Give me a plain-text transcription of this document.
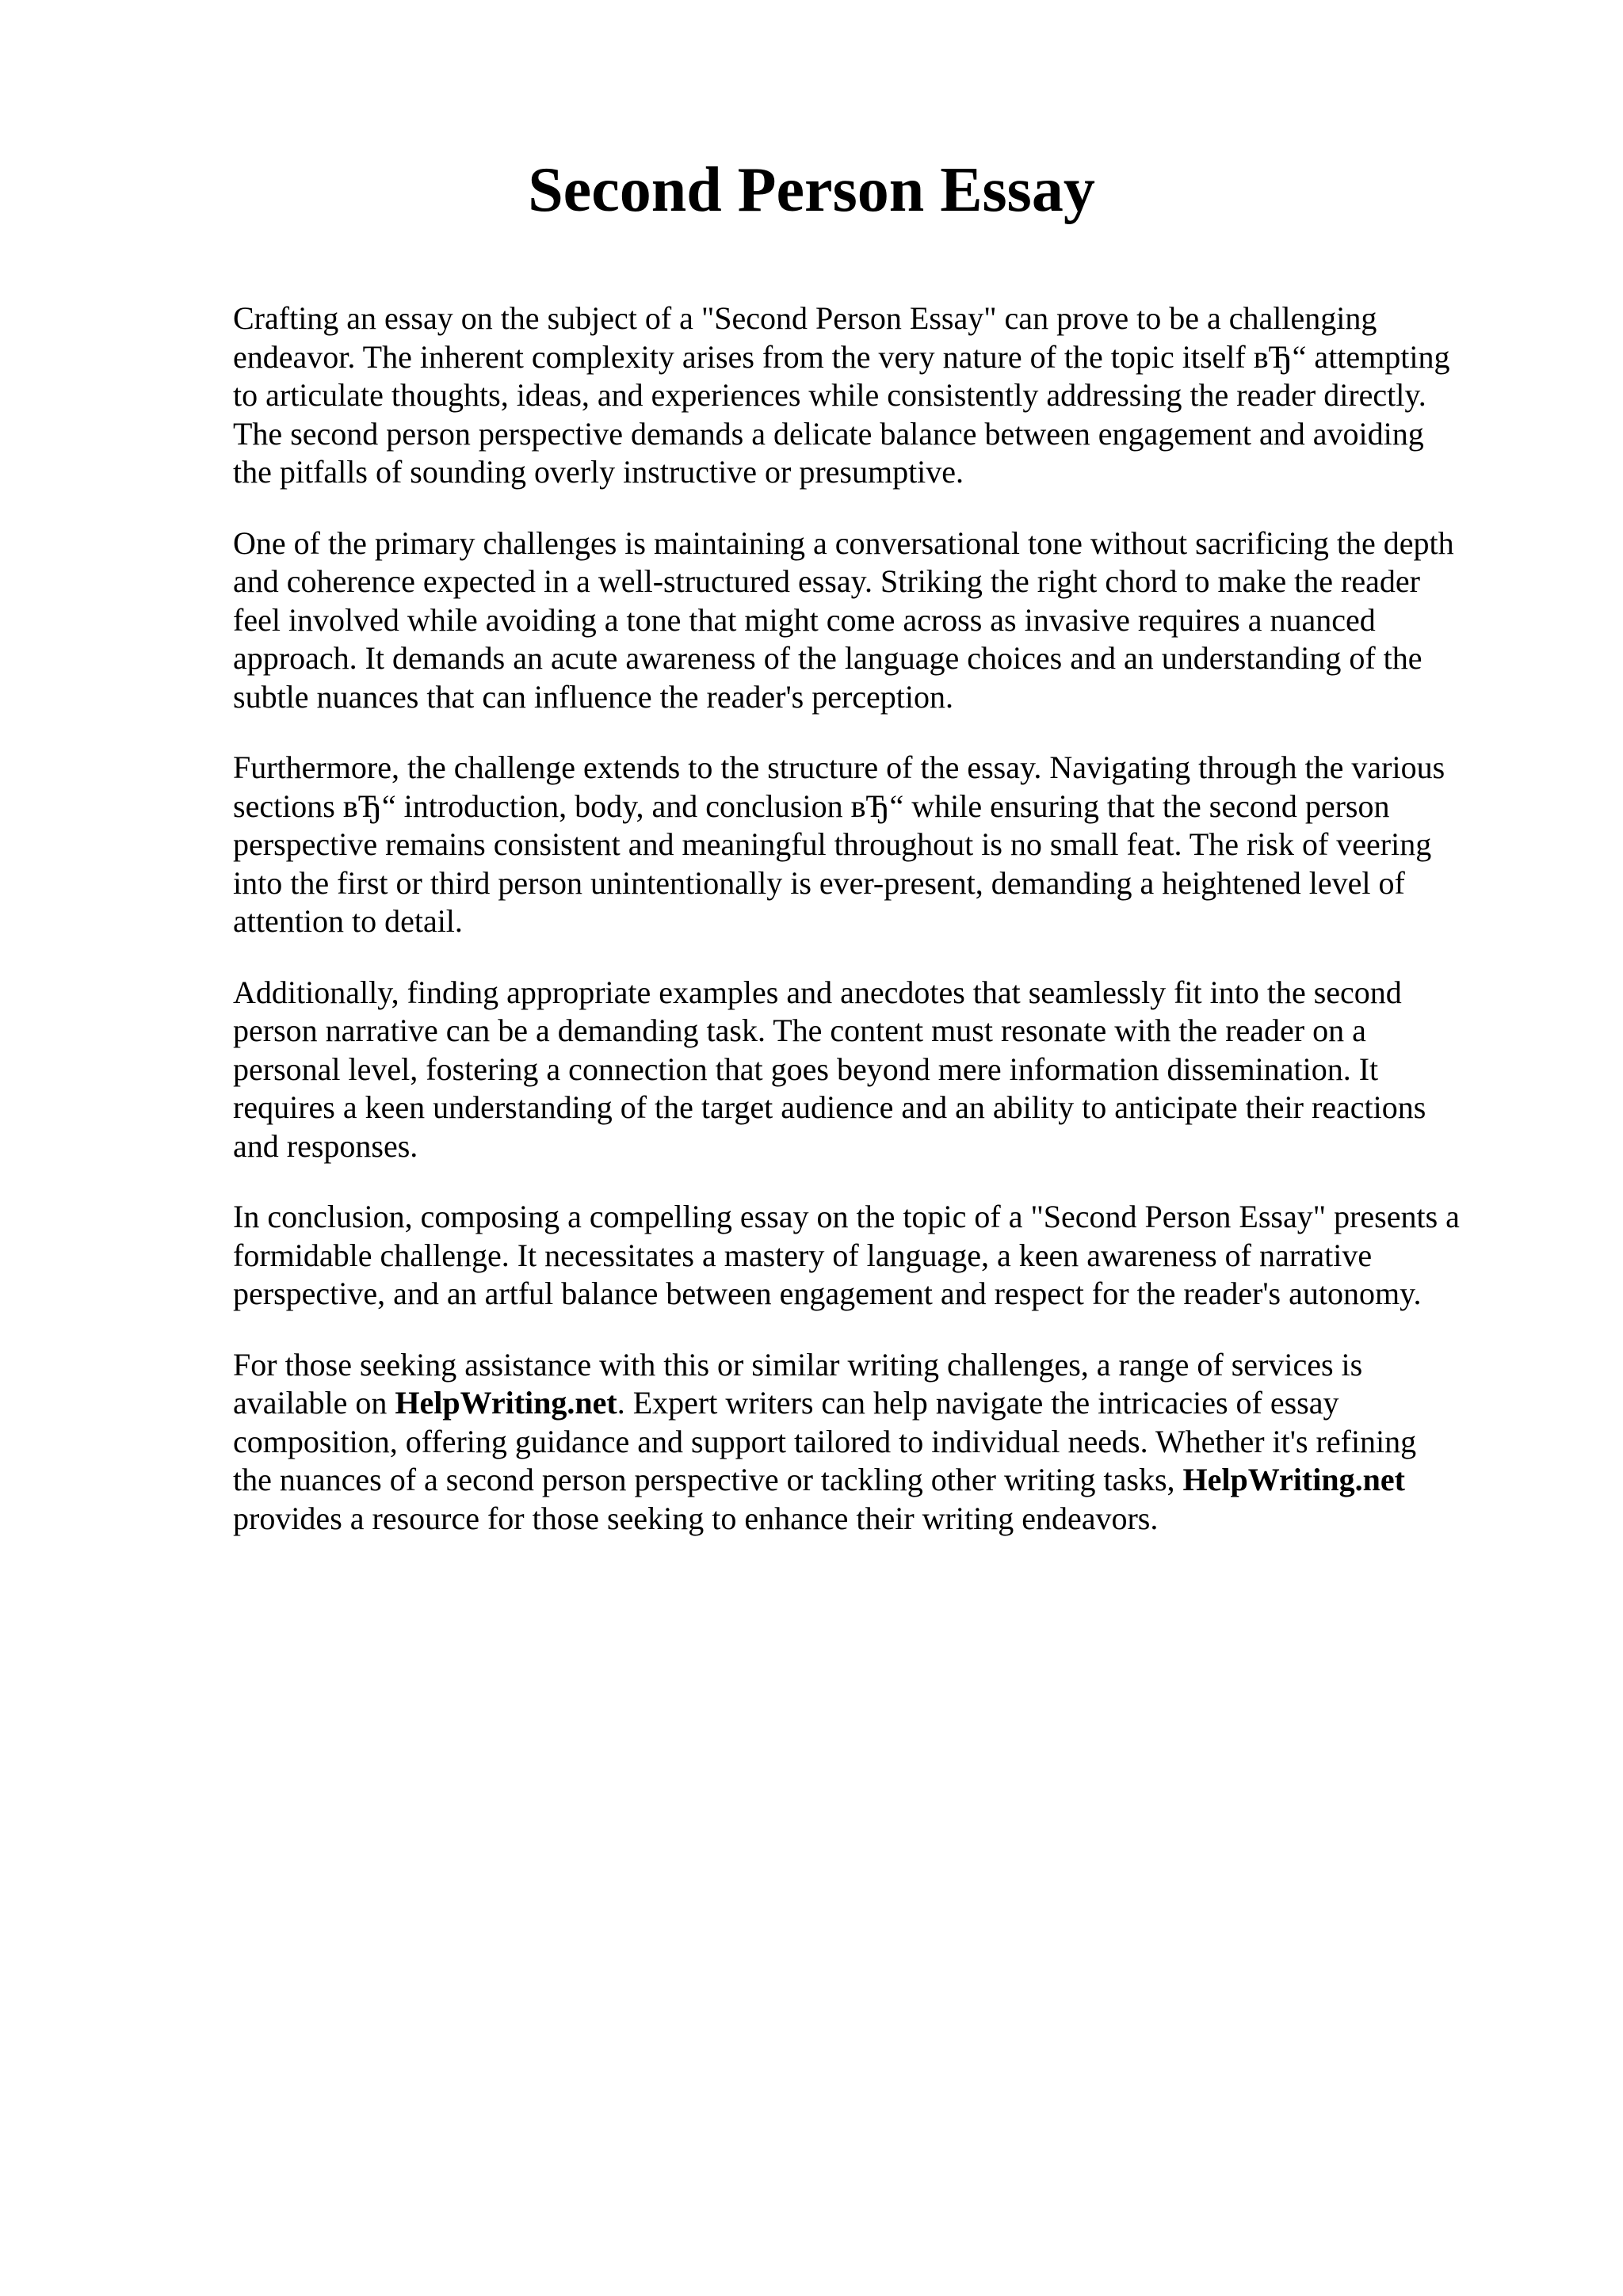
Second Person Essay

Crafting an essay on the subject of a "Second Person Essay" can prove to be a challenging
endeavor. The inherent complexity arises from the very nature of the topic itself вЂ“ attempting
to articulate thoughts, ideas, and experiences while consistently addressing the reader directly.
The second person perspective demands a delicate balance between engagement and avoiding
the pitfalls of sounding overly instructive or presumptive.

One of the primary challenges is maintaining a conversational tone without sacrificing the depth
and coherence expected in a well-structured essay. Striking the right chord to make the reader
feel involved while avoiding a tone that might come across as invasive requires a nuanced
approach. It demands an acute awareness of the language choices and an understanding of the
subtle nuances that can influence the reader's perception.

Furthermore, the challenge extends to the structure of the essay. Navigating through the various
sections вЂ“ introduction, body, and conclusion вЂ“ while ensuring that the second person
perspective remains consistent and meaningful throughout is no small feat. The risk of veering
into the first or third person unintentionally is ever-present, demanding a heightened level of
attention to detail.

Additionally, finding appropriate examples and anecdotes that seamlessly fit into the second
person narrative can be a demanding task. The content must resonate with the reader on a
personal level, fostering a connection that goes beyond mere information dissemination. It
requires a keen understanding of the target audience and an ability to anticipate their reactions
and responses.

In conclusion, composing a compelling essay on the topic of a "Second Person Essay" presents a
formidable challenge. It necessitates a mastery of language, a keen awareness of narrative
perspective, and an artful balance between engagement and respect for the reader's autonomy.

For those seeking assistance with this or similar writing challenges, a range of services is
available on HelpWriting.net. Expert writers can help navigate the intricacies of essay
composition, offering guidance and support tailored to individual needs. Whether it's refining
the nuances of a second person perspective or tackling other writing tasks, HelpWriting.net
provides a resource for those seeking to enhance their writing endeavors.
